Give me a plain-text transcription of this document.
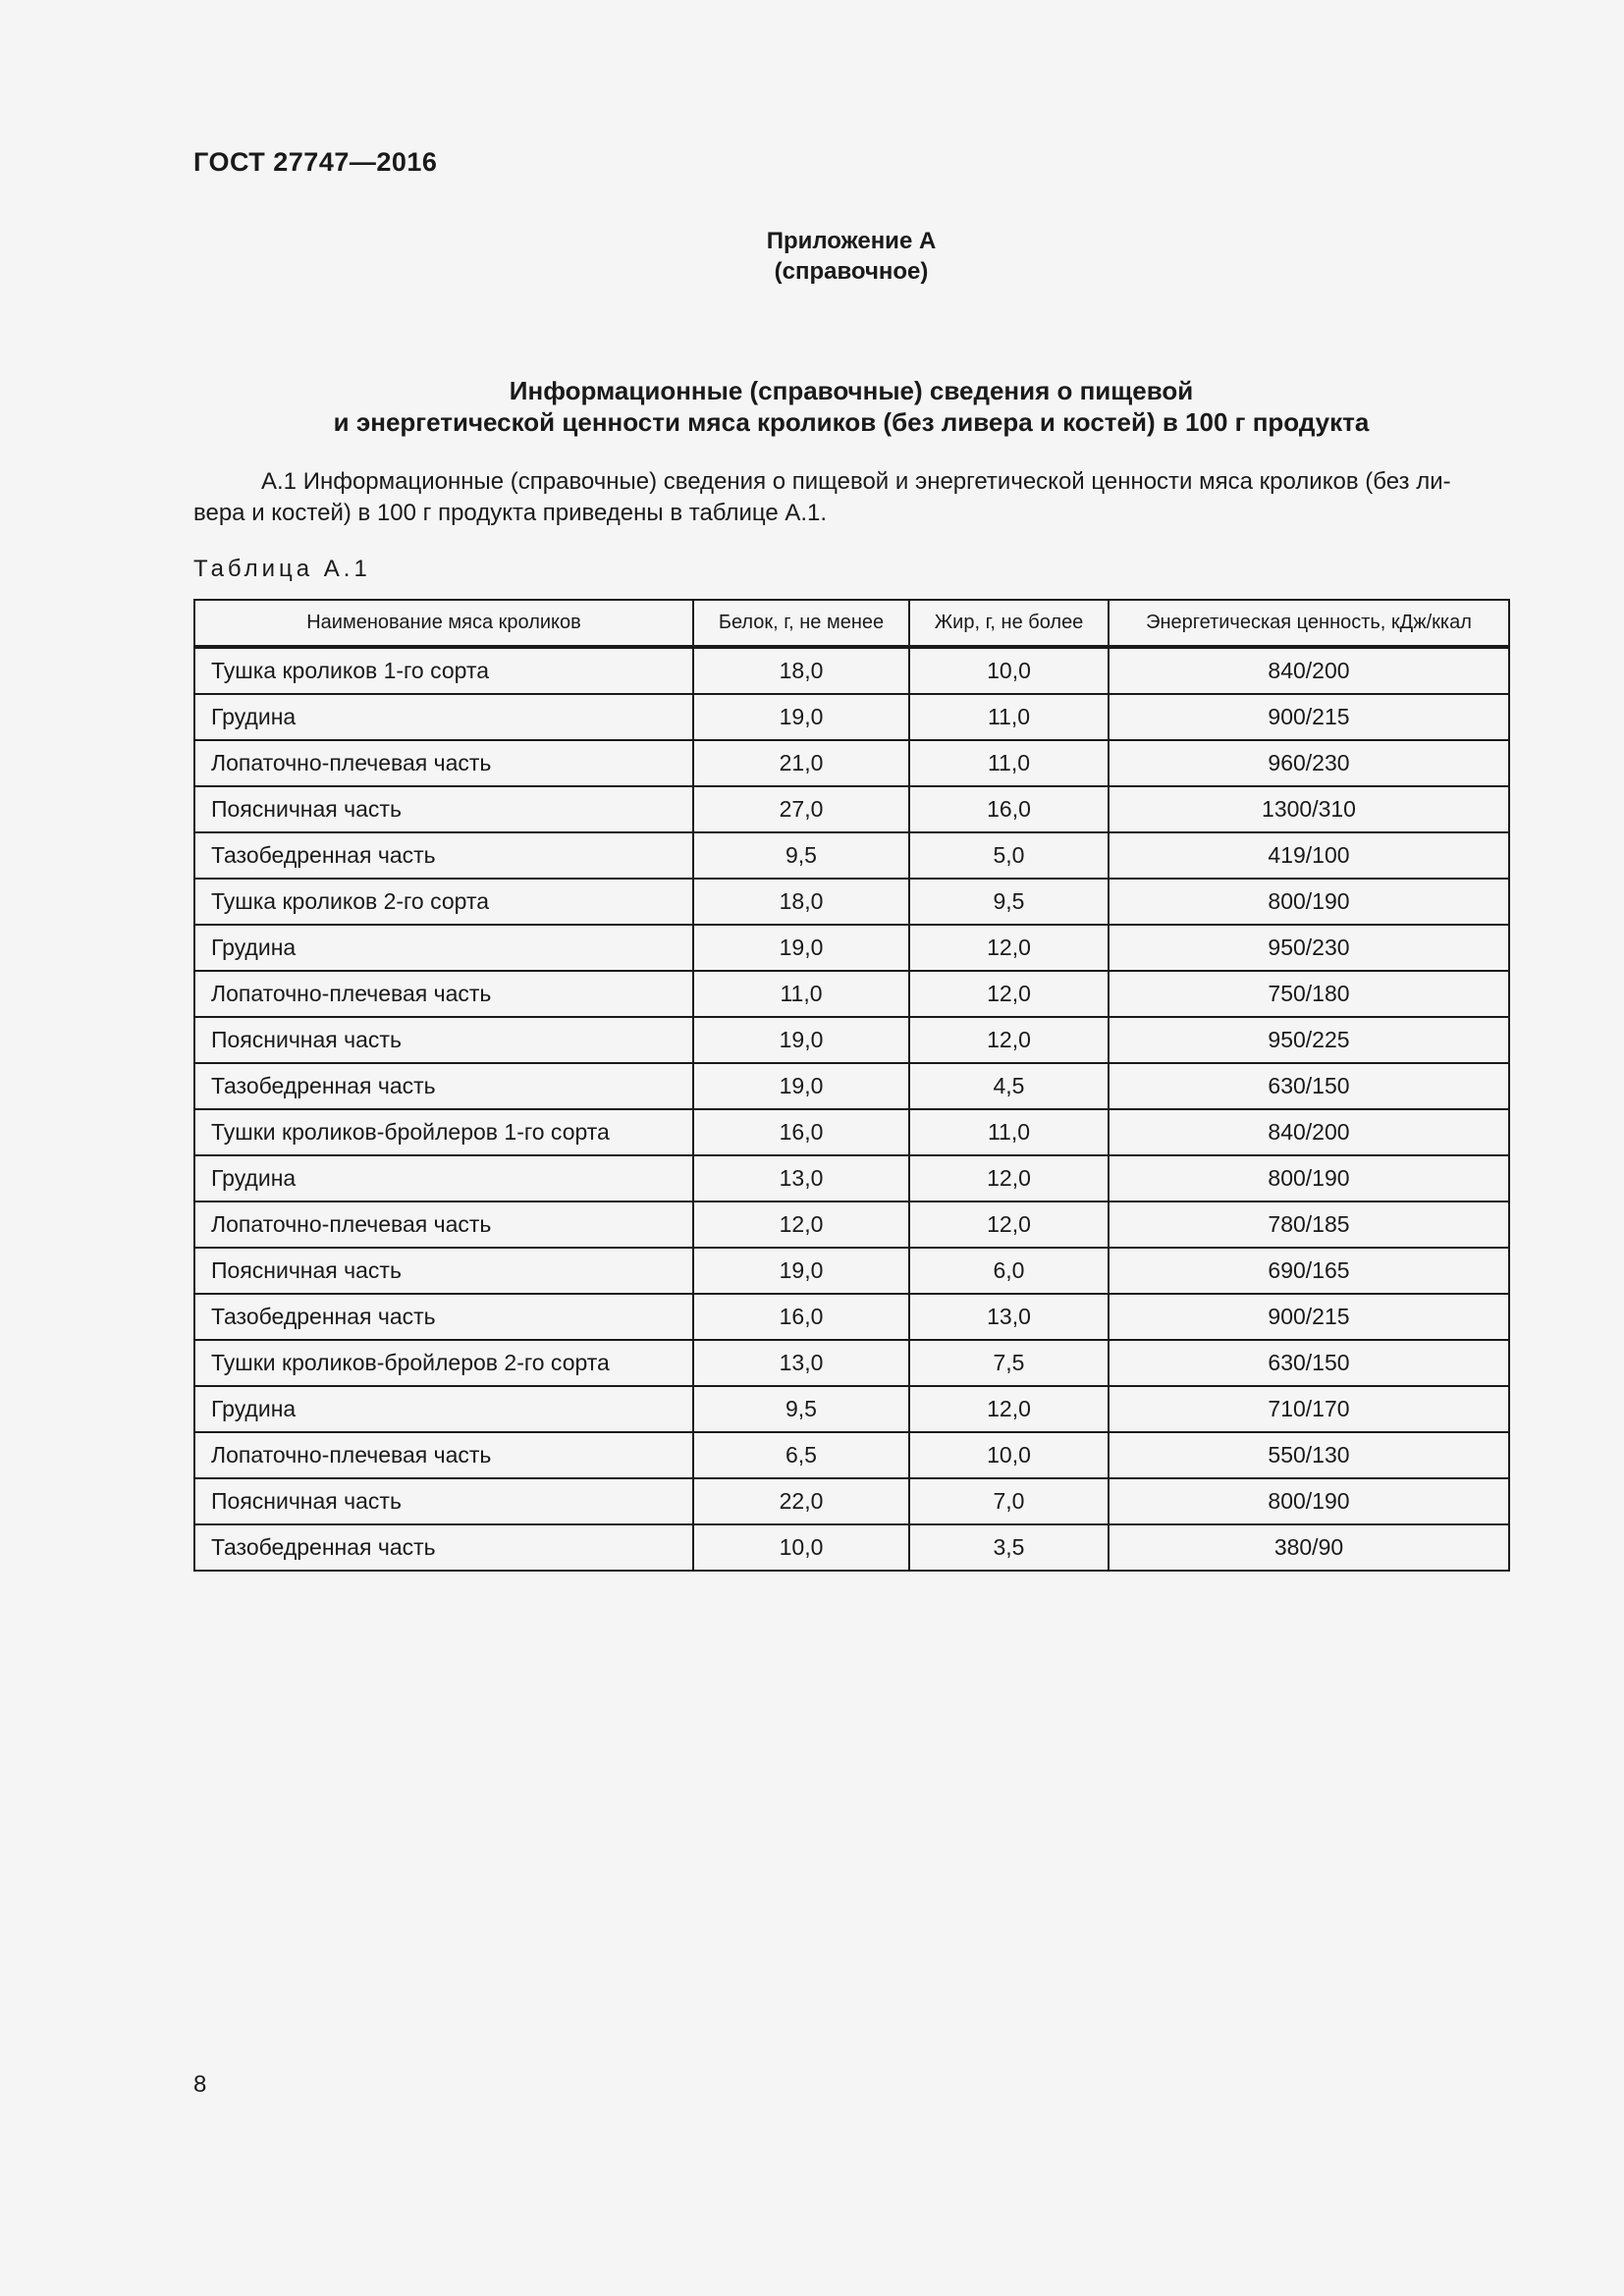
ГОСТ 27747—2016
Приложение А
(справочное)
Информационные (справочные) сведения о пищевой
и энергетической ценности мяса кроликов (без ливера и костей) в 100 г продукта
А.1 Информационные (справочные) сведения о пищевой и энергетической ценности мяса кроликов (без ли-
вера и костей) в 100 г продукта приведены в таблице А.1.
Таблица А.1
Наименование мяса кроликов	Белок, г, не менее	Жир, г, не более	Энергетическая ценность, кДж/ккал
Тушка кроликов 1-го сорта	18,0	10,0	840/200
Грудина	19,0	11,0	900/215
Лопаточно-плечевая часть	21,0	11,0	960/230
Поясничная часть	27,0	16,0	1300/310
Тазобедренная часть	9,5	5,0	419/100
Тушка кроликов 2-го сорта	18,0	9,5	800/190
Грудина	19,0	12,0	950/230
Лопаточно-плечевая часть	11,0	12,0	750/180
Поясничная часть	19,0	12,0	950/225
Тазобедренная часть	19,0	4,5	630/150
Тушки кроликов-бройлеров 1-го сорта	16,0	11,0	840/200
Грудина	13,0	12,0	800/190
Лопаточно-плечевая часть	12,0	12,0	780/185
Поясничная часть	19,0	6,0	690/165
Тазобедренная часть	16,0	13,0	900/215
Тушки кроликов-бройлеров 2-го сорта	13,0	7,5	630/150
Грудина	9,5	12,0	710/170
Лопаточно-плечевая часть	6,5	10,0	550/130
Поясничная часть	22,0	7,0	800/190
Тазобедренная часть	10,0	3,5	380/90
8
